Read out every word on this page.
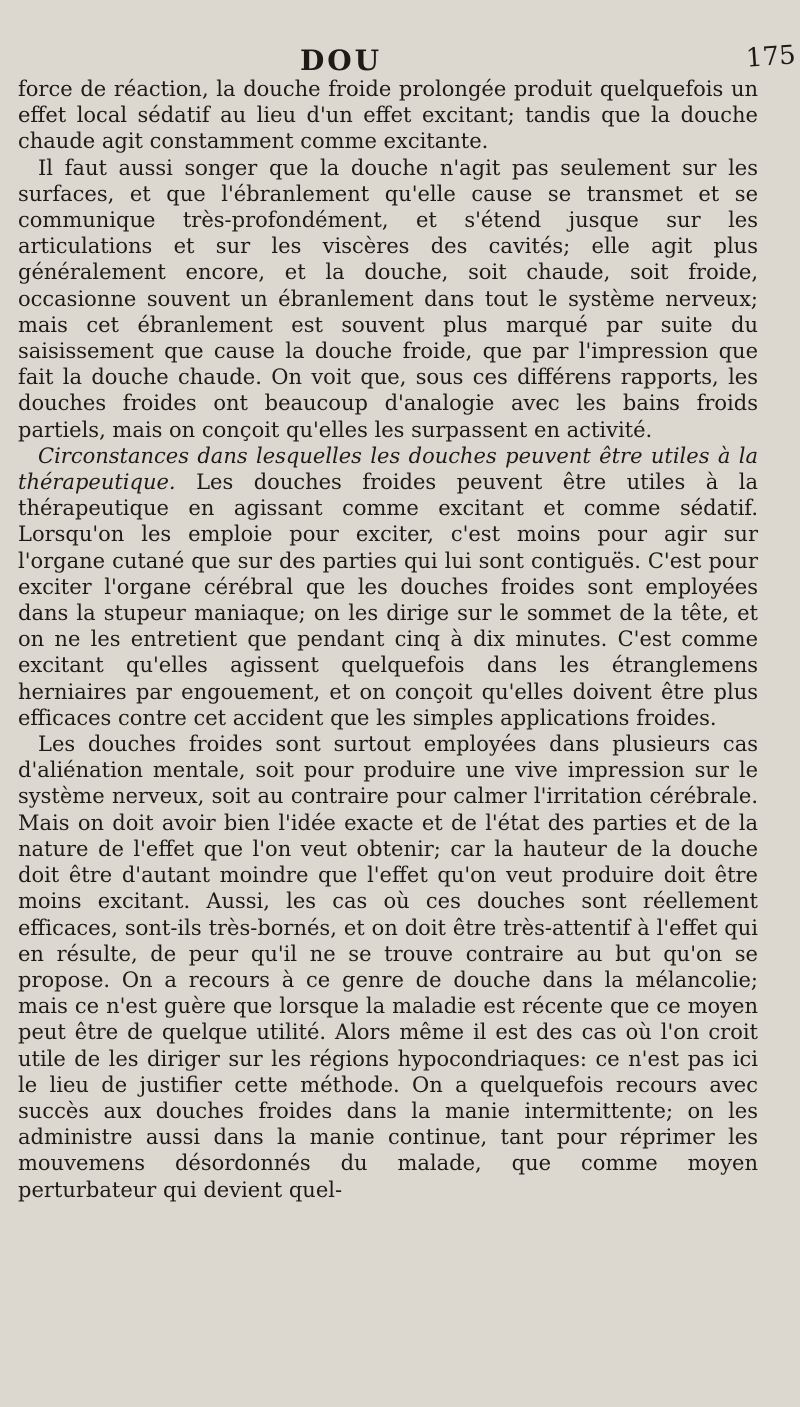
DOU	175

force de réaction, la douche froide prolongée produit quelquefois un effet local sédatif au lieu d'un effet excitant; tandis que la douche chaude agit constamment comme excitante.

Il faut aussi songer que la douche n'agit pas seulement sur les surfaces, et que l'ébranlement qu'elle cause se transmet et se communique très-profondément, et s'étend jusque sur les articulations et sur les viscères des cavités; elle agit plus généralement encore, et la douche, soit chaude, soit froide, occasionne souvent un ébranlement dans tout le système nerveux; mais cet ébranlement est souvent plus marqué par suite du saisissement que cause la douche froide, que par l'impression que fait la douche chaude. On voit que, sous ces différens rapports, les douches froides ont beaucoup d'analogie avec les bains froids partiels, mais on conçoit qu'elles les surpassent en activité.

Circonstances dans lesquelles les douches peuvent être utiles à la thérapeutique. Les douches froides peuvent être utiles à la thérapeutique en agissant comme excitant et comme sédatif. Lorsqu'on les emploie pour exciter, c'est moins pour agir sur l'organe cutané que sur des parties qui lui sont contiguës. C'est pour exciter l'organe cérébral que les douches froides sont employées dans la stupeur maniaque; on les dirige sur le sommet de la tête, et on ne les entretient que pendant cinq à dix minutes. C'est comme excitant qu'elles agissent quelquefois dans les étranglemens herniaires par engouement, et on conçoit qu'elles doivent être plus efficaces contre cet accident que les simples applications froides.

Les douches froides sont surtout employées dans plusieurs cas d'aliénation mentale, soit pour produire une vive impression sur le système nerveux, soit au contraire pour calmer l'irritation cérébrale. Mais on doit avoir bien l'idée exacte et de l'état des parties et de la nature de l'effet que l'on veut obtenir; car la hauteur de la douche doit être d'autant moindre que l'effet qu'on veut produire doit être moins excitant. Aussi, les cas où ces douches sont réellement efficaces, sont-ils très-bornés, et on doit être très-attentif à l'effet qui en résulte, de peur qu'il ne se trouve contraire au but qu'on se propose. On a recours à ce genre de douche dans la mélancolie; mais ce n'est guère que lorsque la maladie est récente que ce moyen peut être de quelque utilité. Alors même il est des cas où l'on croit utile de les diriger sur les régions hypocondriaques: ce n'est pas ici le lieu de justifier cette méthode. On a quelquefois recours avec succès aux douches froides dans la manie intermittente; on les administre aussi dans la manie continue, tant pour réprimer les mouvemens désordonnés du malade, que comme moyen perturbateur qui devient quel-
